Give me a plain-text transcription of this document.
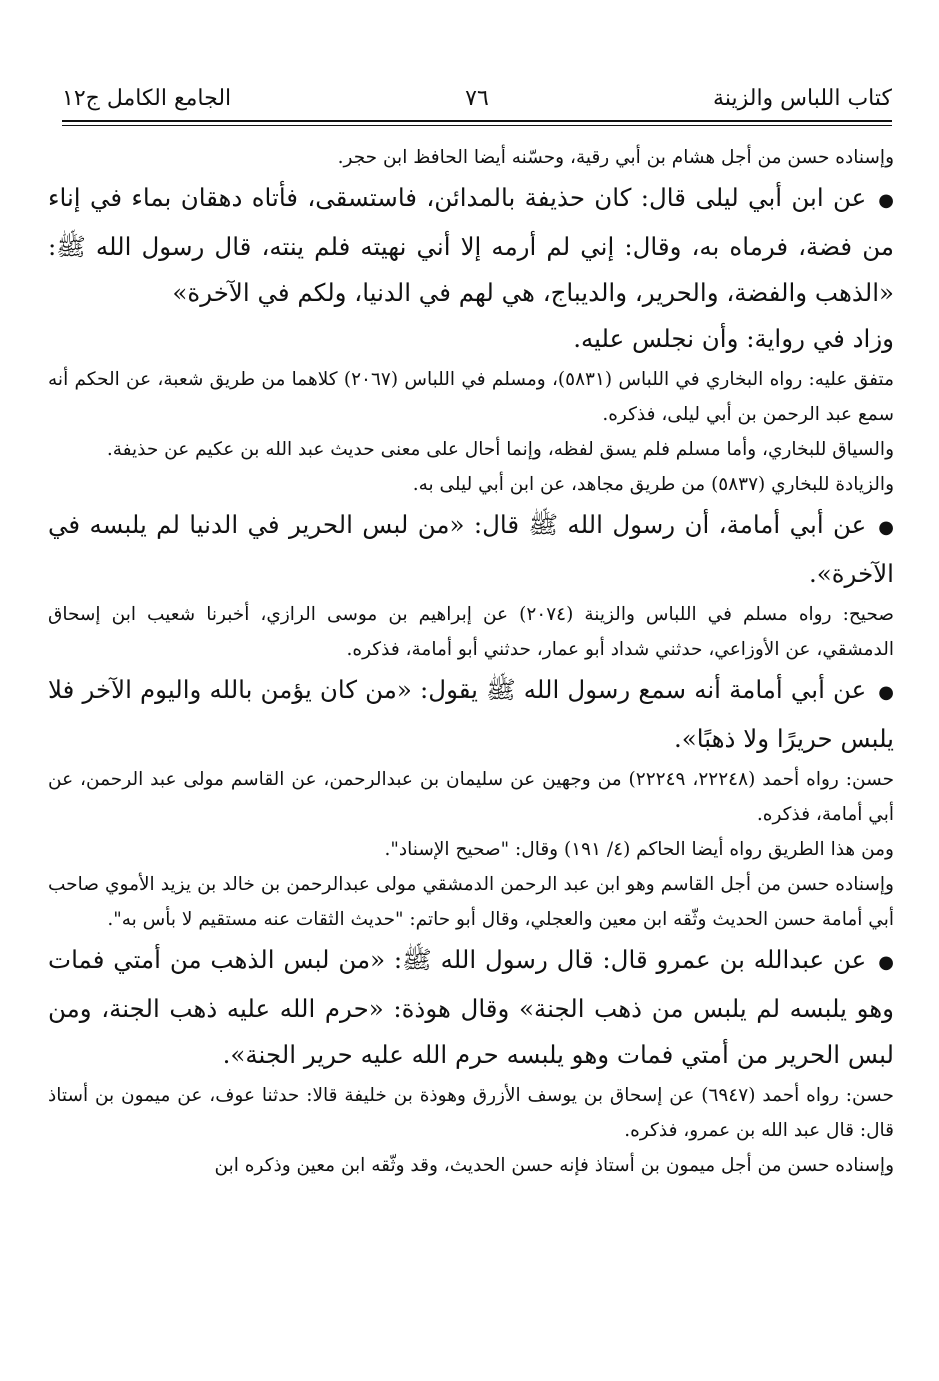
كتاب اللباس والزينة
٧٦
الجامع الكامل ج١٢

وإسناده حسن من أجل هشام بن أبي رقية، وحسّنه أيضا الحافظ ابن حجر.

●عن ابن أبي ليلى قال: كان حذيفة بالمدائن، فاستسقى، فأتاه دهقان بماء في إناء من فضة، فرماه به، وقال: إني لم أرمه إلا أني نهيته فلم ينته، قال رسول الله ﷺ: «الذهب والفضة، والحرير، والديباج، هي لهم في الدنيا، ولكم في الآخرة»

وزاد في رواية: وأن نجلس عليه.

متفق عليه: رواه البخاري في اللباس (٥٨٣١)، ومسلم في اللباس (٢٠٦٧) كلاهما من طريق شعبة، عن الحكم أنه سمع عبد الرحمن بن أبي ليلى، فذكره.

والسياق للبخاري، وأما مسلم فلم يسق لفظه، وإنما أحال على معنى حديث عبد الله بن عكيم عن حذيفة.

والزيادة للبخاري (٥٨٣٧) من طريق مجاهد، عن ابن أبي ليلى به.

●عن أبي أمامة، أن رسول الله ﷺ قال: «من لبس الحرير في الدنيا لم يلبسه في الآخرة».

صحيح: رواه مسلم في اللباس والزينة (٢٠٧٤) عن إبراهيم بن موسى الرازي، أخبرنا شعيب ابن إسحاق الدمشقي، عن الأوزاعي، حدثني شداد أبو عمار، حدثني أبو أمامة، فذكره.

●عن أبي أمامة أنه سمع رسول الله ﷺ يقول: «من كان يؤمن بالله واليوم الآخر فلا يلبس حريرًا ولا ذهبًا».

حسن: رواه أحمد (٢٢٢٤٨، ٢٢٢٤٩) من وجهين عن سليمان بن عبدالرحمن، عن القاسم مولى عبد الرحمن، عن أبي أمامة، فذكره.

ومن هذا الطريق رواه أيضا الحاكم (٤/ ١٩١) وقال: "صحيح الإسناد".

وإسناده حسن من أجل القاسم وهو ابن عبد الرحمن الدمشقي مولى عبدالرحمن بن خالد بن يزيد الأموي صاحب أبي أمامة حسن الحديث وثّقه ابن معين والعجلي، وقال أبو حاتم: "حديث الثقات عنه مستقيم لا بأس به".

●عن عبدالله بن عمرو قال: قال رسول الله ﷺ: «من لبس الذهب من أمتي فمات وهو يلبسه لم يلبس من ذهب الجنة» وقال هوذة: «حرم الله عليه ذهب الجنة، ومن لبس الحرير من أمتي فمات وهو يلبسه حرم الله عليه حرير الجنة».

حسن: رواه أحمد (٦٩٤٧) عن إسحاق بن يوسف الأزرق وهوذة بن خليفة قالا: حدثنا عوف، عن ميمون بن أستاذ قال: قال عبد الله بن عمرو، فذكره.

وإسناده حسن من أجل ميمون بن أستاذ فإنه حسن الحديث، وقد وثّقه ابن معين وذكره ابن
